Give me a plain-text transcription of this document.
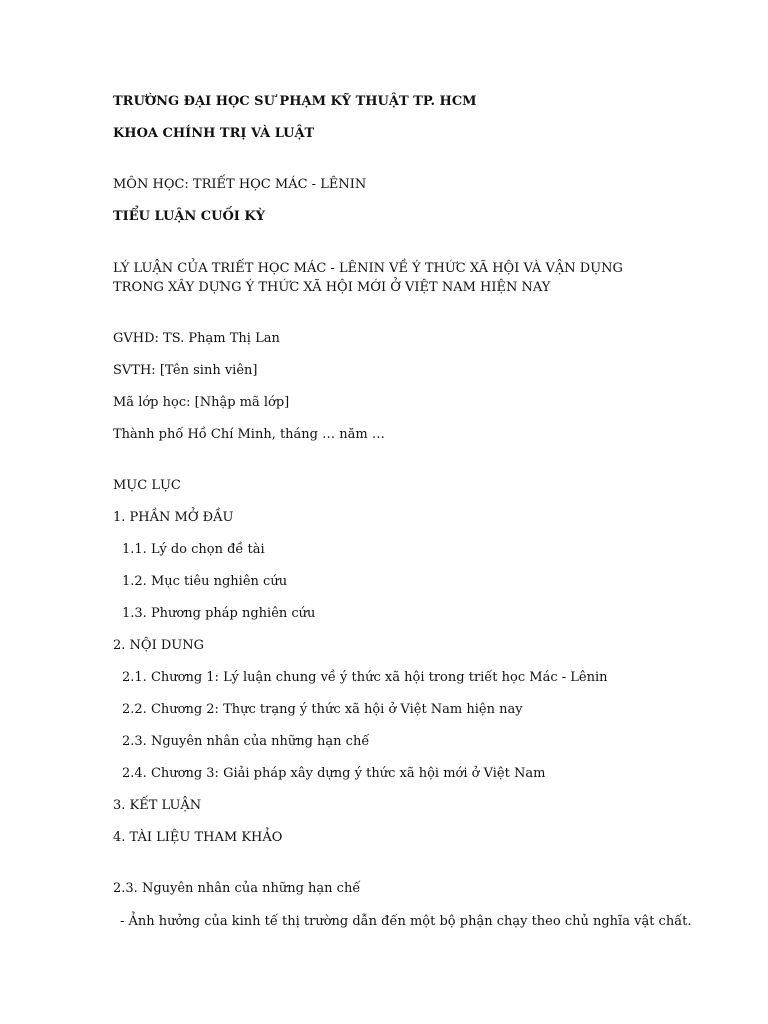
TRƯỜNG ĐẠI HỌC SƯ PHẠM KỸ THUẬT TP. HCM
KHOA CHÍNH TRỊ VÀ LUẬT
MÔN HỌC: TRIẾT HỌC MÁC - LÊNIN
TIỂU LUẬN CUỐI KỲ
LÝ LUẬN CỦA TRIẾT HỌC MÁC - LÊNIN VỀ Ý THỨC XÃ HỘI VÀ VẬN DỤNG TRONG XÂY DỰNG Ý THỨC XÃ HỘI MỚI Ở VIỆT NAM HIỆN NAY
GVHD: TS. Phạm Thị Lan
SVTH: [Tên sinh viên]
Mã lớp học: [Nhập mã lớp]
Thành phố Hồ Chí Minh, tháng … năm …
MỤC LỤC
1. PHẦN MỞ ĐẦU
1.1. Lý do chọn đề tài
1.2. Mục tiêu nghiên cứu
1.3. Phương pháp nghiên cứu
2. NỘI DUNG
2.1. Chương 1: Lý luận chung về ý thức xã hội trong triết học Mác - Lênin
2.2. Chương 2: Thực trạng ý thức xã hội ở Việt Nam hiện nay
2.3. Nguyên nhân của những hạn chế
2.4. Chương 3: Giải pháp xây dựng ý thức xã hội mới ở Việt Nam
3. KẾT LUẬN
4. TÀI LIỆU THAM KHẢO
2.3. Nguyên nhân của những hạn chế
- Ảnh hưởng của kinh tế thị trường dẫn đến một bộ phận chạy theo chủ nghĩa vật chất.
